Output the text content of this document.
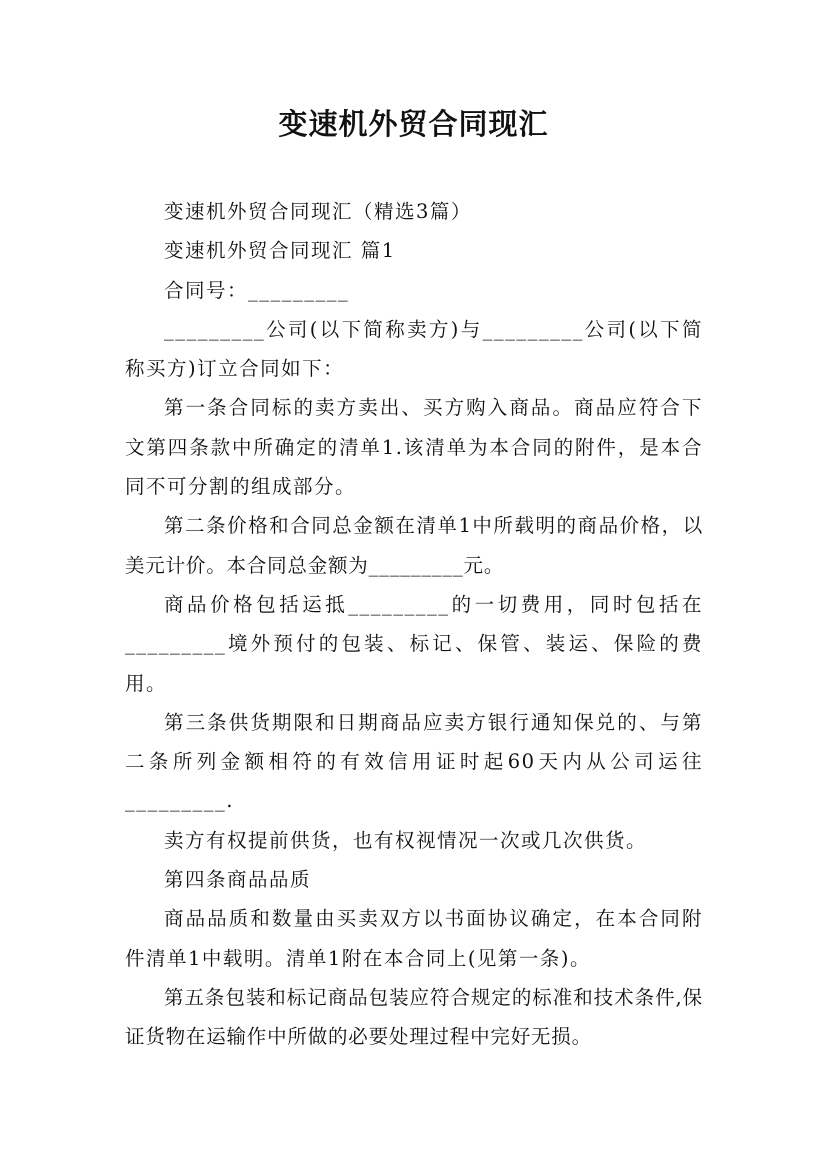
变速机外贸合同现汇

变速机外贸合同现汇（精选3篇）

变速机外贸合同现汇 篇1

合同号：_________

_________公司(以下简称卖方)与_________公司(以下简称买方)订立合同如下：

第一条合同标的卖方卖出、买方购入商品。商品应符合下文第四条款中所确定的清单1.该清单为本合同的附件，是本合同不可分割的组成部分。

第二条价格和合同总金额在清单1中所载明的商品价格，以美元计价。本合同总金额为_________元。

商品价格包括运抵_________的一切费用，同时包括在_________境外预付的包装、标记、保管、装运、保险的费用。

第三条供货期限和日期商品应卖方银行通知保兑的、与第二条所列金额相符的有效信用证时起60天内从公司运往_________.

卖方有权提前供货，也有权视情况一次或几次供货。

第四条商品品质

商品品质和数量由买卖双方以书面协议确定，在本合同附件清单1中载明。清单1附在本合同上(见第一条)。

第五条包装和标记商品包装应符合规定的标准和技术条件,保证货物在运输作中所做的必要处理过程中完好无损。
